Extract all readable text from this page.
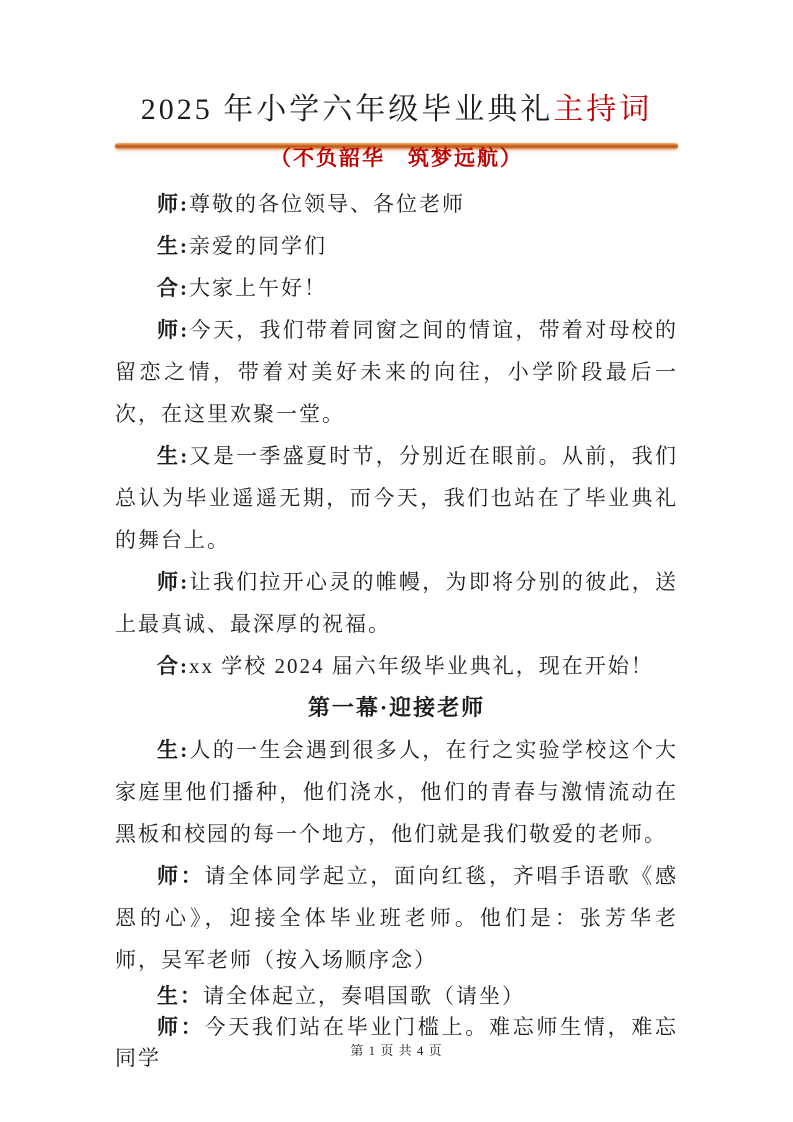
2025 年小学六年级毕业典礼主持词
（不负韶华　筑梦远航）

师:尊敬的各位领导、各位老师

生:亲爱的同学们

合:大家上午好！

师:今天，我们带着同窗之间的情谊，带着对母校的留恋之情，带着对美好未来的向往，小学阶段最后一次，在这里欢聚一堂。

生:又是一季盛夏时节，分别近在眼前。从前，我们总认为毕业遥遥无期，而今天，我们也站在了毕业典礼的舞台上。

师:让我们拉开心灵的帷幔，为即将分别的彼此，送上最真诚、最深厚的祝福。

合:xx 学校 2024 届六年级毕业典礼，现在开始！

第一幕·迎接老师

生:人的一生会遇到很多人，在行之实验学校这个大家庭里他们播种，他们浇水，他们的青春与激情流动在黑板和校园的每一个地方，他们就是我们敬爱的老师。

师：请全体同学起立，面向红毯，齐唱手语歌《感恩的心》，迎接全体毕业班老师。他们是：张芳华老师，吴军老师（按入场顺序念）

生：请全体起立，奏唱国歌（请坐）

师：今天我们站在毕业门槛上。难忘师生情，难忘同学	第 1 页 共 4 页
